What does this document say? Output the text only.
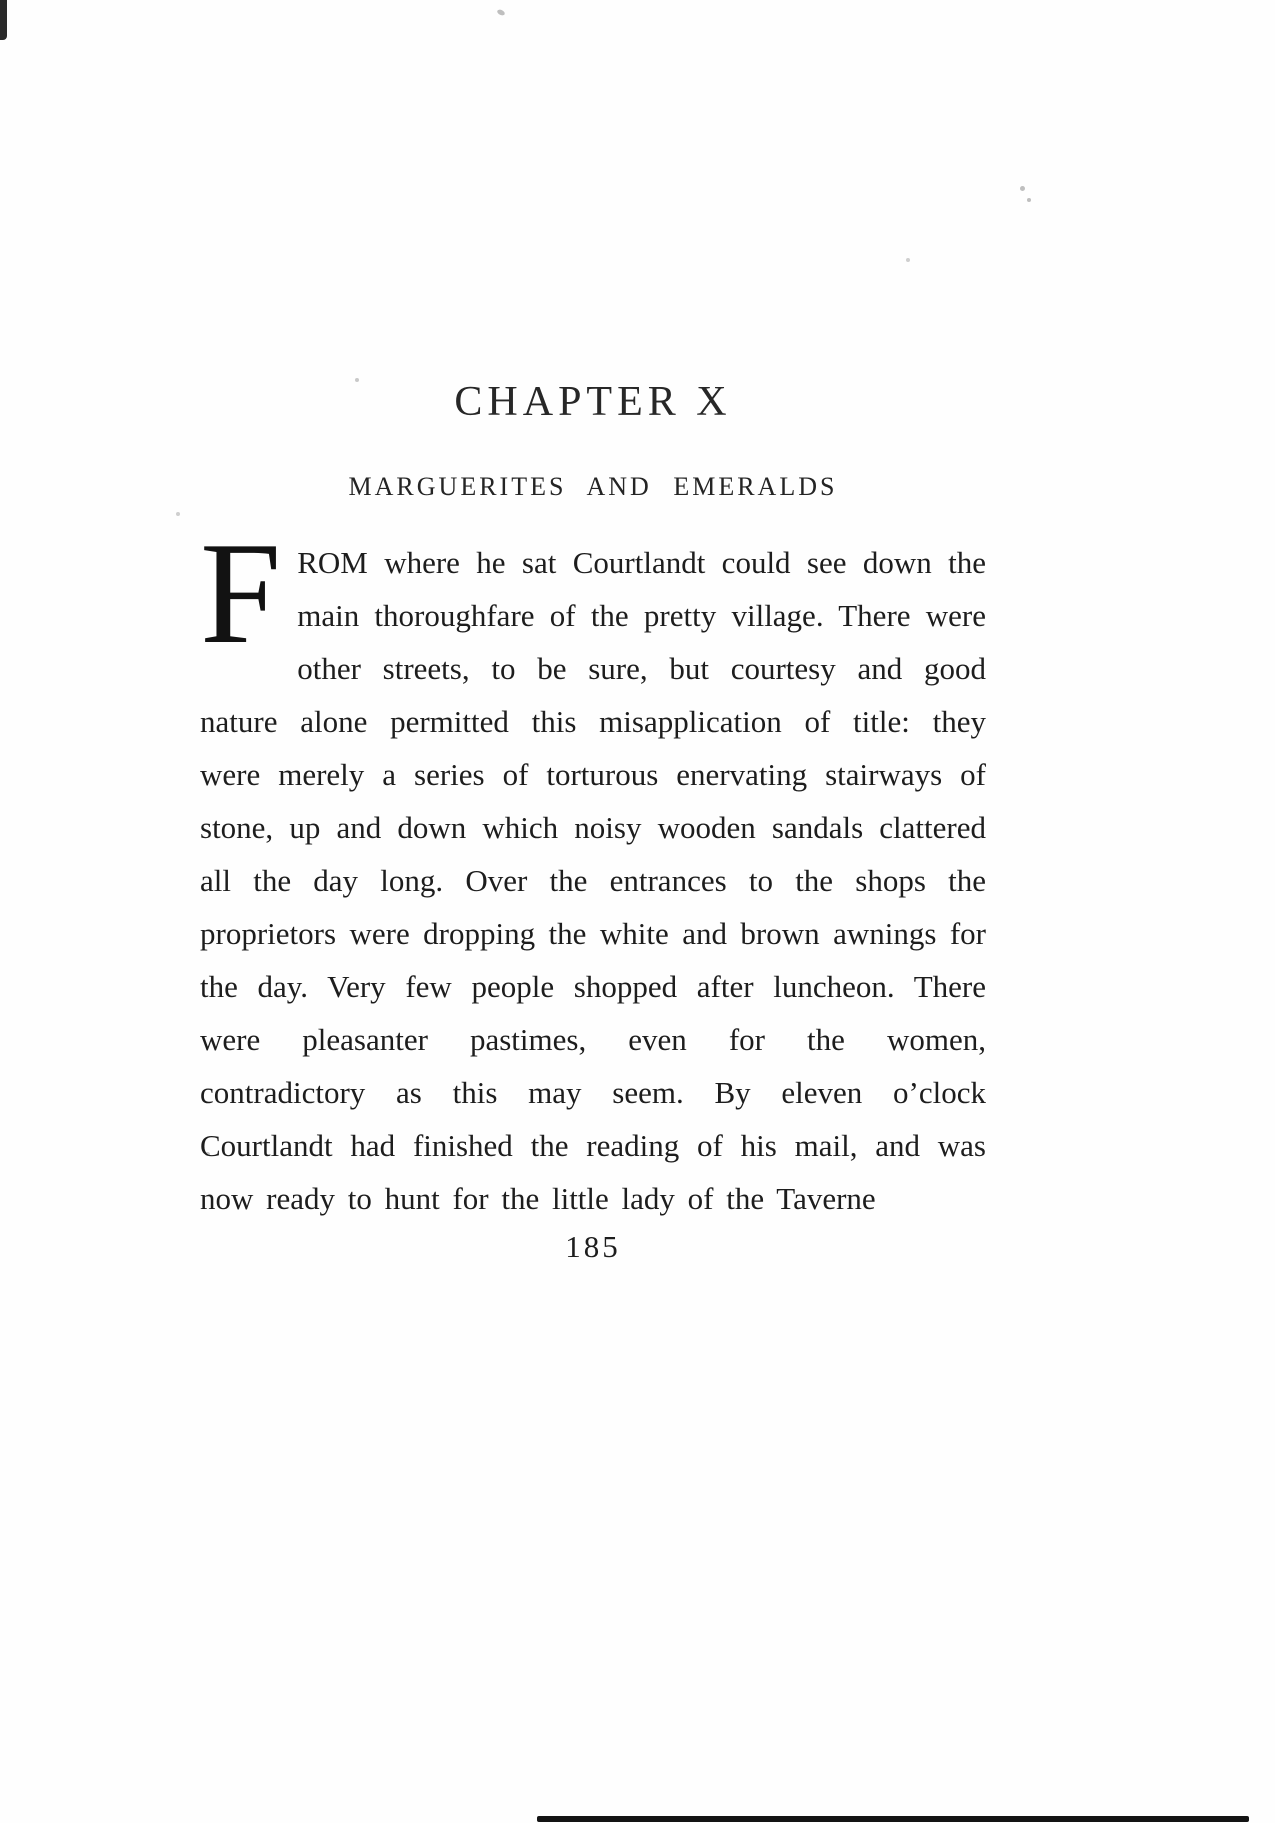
CHAPTER X
MARGUERITES AND EMERALDS

FROM where he sat Courtlandt could see down the main thoroughfare of the pretty village. There were other streets, to be sure, but courtesy and good nature alone permitted this misapplication of title: they were merely a series of torturous enervating stairways of stone, up and down which noisy wooden sandals clattered all the day long. Over the entrances to the shops the proprietors were dropping the white and brown awnings for the day. Very few people shopped after luncheon. There were pleasanter pastimes, even for the women, contradictory as this may seem. By eleven o’clock Courtlandt had finished the reading of his mail, and was now ready to hunt for the little lady of the Taverne

185
